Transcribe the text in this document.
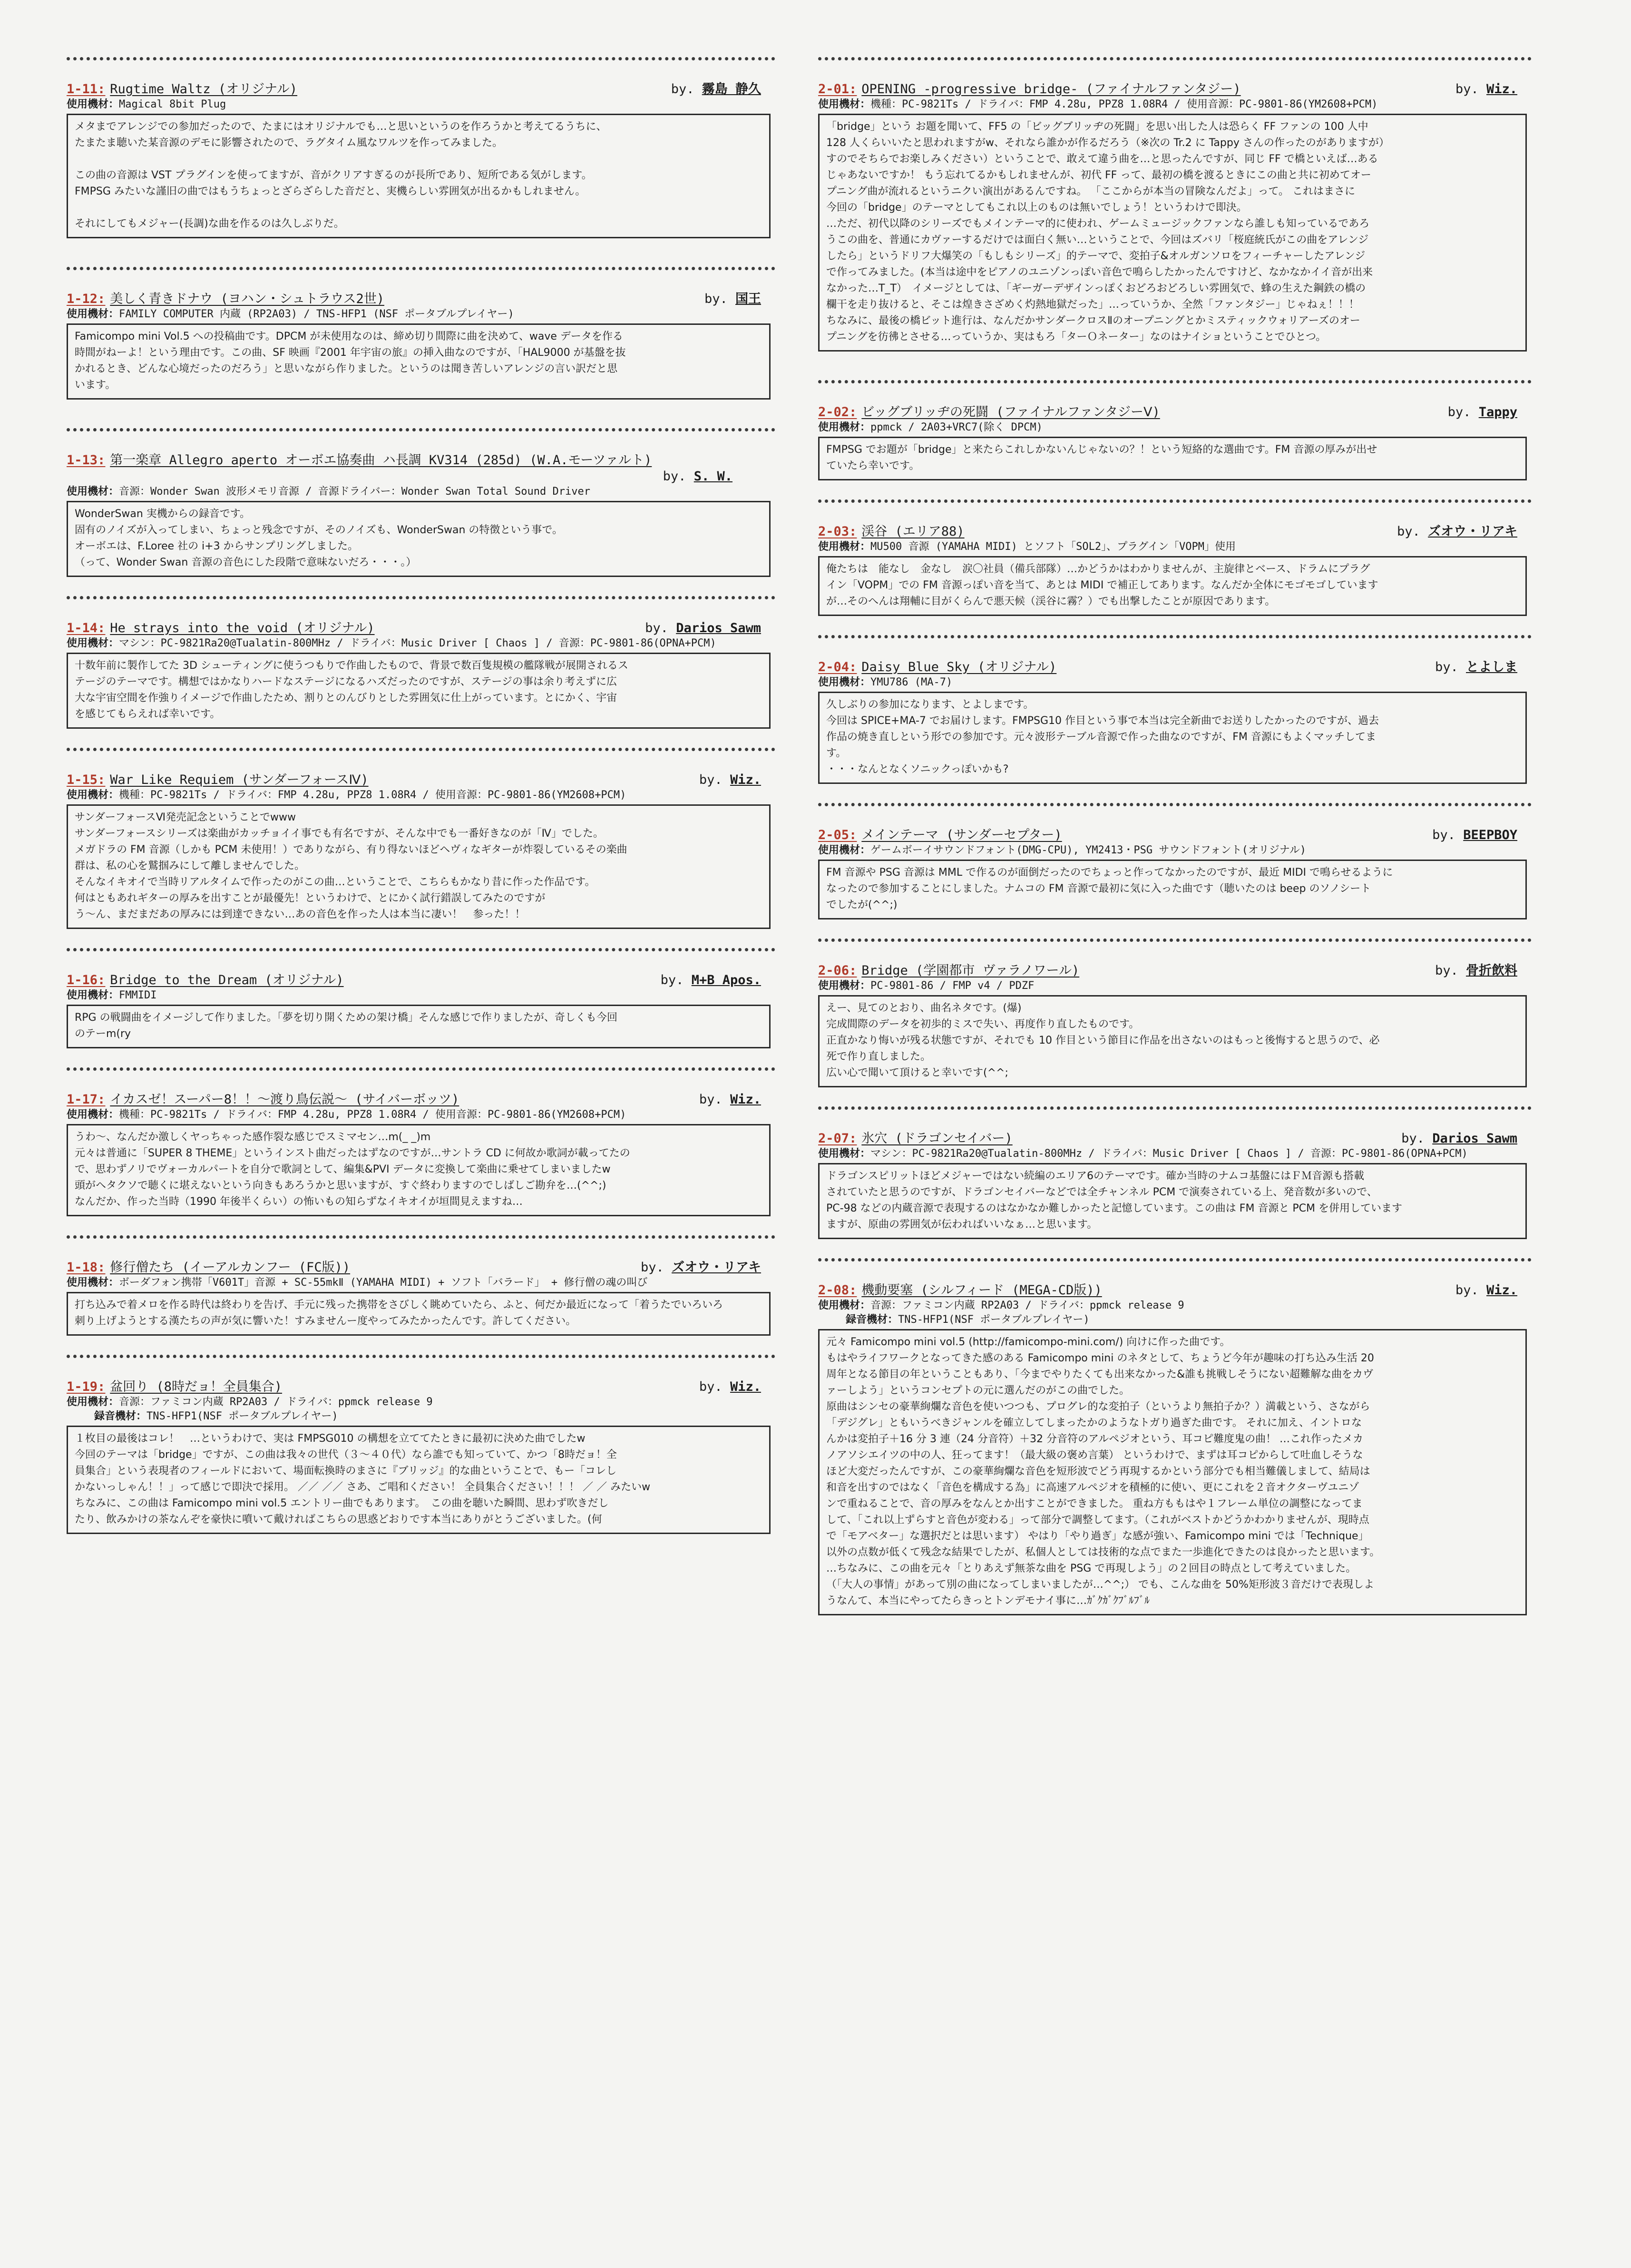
1-11: Rugtime Waltz (オリジナル)	by. 霧島 静久
使用機材：Magical 8bit Plug

メタまでアレンジでの参加だったので、たまにはオリジナルでも…と思いというのを作ろうかと考えてるうちに、

たまたま聴いた某音源のデモに影響されたので、ラグタイム風なワルツを作ってみました。

この曲の音源は VST プラグインを使ってますが、音がクリアすぎるのが長所であり、短所である気がします。

FMPSG みたいな謹旧の曲ではもうちょっとざらざらした音だと、実機らしい雰囲気が出るかもしれません。

それにしてもメジャー(長調)な曲を作るのは久しぶりだ。

1-12: 美しく青きドナウ (ヨハン・シュトラウス2世)	by. 国王
使用機材：FAMILY COMPUTER 内蔵 (RP2A03) / TNS-HFP1 (NSF ポータブルプレイヤー)

Famicompo mini Vol.5 への投稿曲です。DPCM が未使用なのは、締め切り間際に曲を決めて、wave データを作る

時間がねーよ！という理由です。この曲、SF 映画『2001 年宇宙の旅』の挿入曲なのですが、「HAL9000 が基盤を抜

かれるとき、どんな心境だったのだろう」と思いながら作りました。というのは聞き苦しいアレンジの言い訳だと思

います。

1-13: 第一楽章 Allegro aperto オーボエ協奏曲 ハ長調 KV314 (285d) (W.A.モーツァルト)
by. S. W.
使用機材：音源：Wonder Swan 波形メモリ音源 / 音源ドライバー：Wonder Swan Total Sound Driver

WonderSwan 実機からの録音です。

固有のノイズが入ってしまい、ちょっと残念ですが、そのノイズも、WonderSwan の特徴という事で。

オーボエは、F.Loree 社の i+3 からサンプリングしました。

（って、Wonder Swan 音源の音色にした段階で意味ないだろ・・・。）

1-14: He strays into the void (オリジナル)	by. Darios Sawm
使用機材：マシン：PC-9821Ra20@Tualatin-800MHz / ドライバ：Music Driver [ Chaos ] / 音源：PC-9801-86(OPNA+PCM)

十数年前に製作してた 3D シューティングに使うつもりで作曲したもので、背景で数百隻規模の艦隊戦が展開されるス

テージのテーマです。構想ではかなりハードなステージになるハズだったのですが、ステージの事は余り考えずに広

大な宇宙空間を作強りイメージで作曲したため、割りとのんびりとした雰囲気に仕上がっています。とにかく、宇宙

を感じてもらえれば幸いです。

1-15: War Like Requiem (サンダーフォースⅣ)	by. Wiz.
使用機材：機種：PC-9821Ts / ドライバ：FMP 4.28u, PPZ8 1.08R4 / 使用音源：PC-9801-86(YM2608+PCM)

サンダーフォースⅥ発売記念ということでwww

サンダーフォースシリーズは楽曲がカッチョイイ事でも有名ですが、そんな中でも一番好きなのが「Ⅳ」でした。

メガドラの FM 音源（しかも PCM 未使用！）でありながら、有り得ないほどヘヴィなギターが炸裂しているその楽曲

群は、私の心を鷲掴みにして離しませんでした。

そんなイキオイで当時リアルタイムで作ったのがこの曲…ということで、こちらもかなり昔に作った作品です。

何はともあれギターの厚みを出すことが最優先！というわけで、とにかく試行錯誤してみたのですが

う～ん、まだまだあの厚みには到達できない…あの音色を作った人は本当に凄い！　参った！！

1-16: Bridge to the Dream (オリジナル)	by. M+B Apos.
使用機材：FMMIDI

RPG の戦闘曲をイメージして作りました。「夢を切り開くための架け橋」そんな感じで作りましたが、奇しくも今回

のテーm(ry

1-17: イカスゼ！スーパー8！！～渡り鳥伝説～ (サイバーボッツ)	by. Wiz.
使用機材：機種：PC-9821Ts / ドライバ：FMP 4.28u, PPZ8 1.08R4 / 使用音源：PC-9801-86(YM2608+PCM)

うわ～、なんだか激しくヤっちゃった感作裂な感じでスミマセン…m(_ _)m

元々は普通に「SUPER 8 THEME」というインスト曲だったはずなのですが…サントラ CD に何故か歌詞が載ってたの

で、思わずノリでヴォーカルパートを自分で歌詞として、編集&PVI データに変換して楽曲に乗せてしまいましたw

頭がヘタクソで聴くに堪えないという向きもあろうかと思いますが、すぐ終わりますのでしばしご勘弁を…(^^;)

なんだか、作った当時（1990 年後半くらい）の怖いもの知らずなイキオイが垣間見えますね…

1-18: 修行僧たち (イーアルカンフー (FC版))	by. ズオウ・リアキ
使用機材：ボーダフォン携帯「V601T」音源 + SC-55mkⅡ (YAMAHA MIDI) + ソフト「バラード」 + 修行僧の魂の叫び

打ち込みで着メロを作る時代は終わりを告げ、手元に残った携帯をさびしく眺めていたら、ふと、何だか最近になって「着うたでいろいろ

刺り上げようとする漢たちの声が気に響いた！すみませんー度やってみたかったんです。許してください。

1-19: 盆回り (8時だョ！全員集合)	by. Wiz.
使用機材：音源：ファミコン内蔵 RP2A03 / ドライバ：ppmck release 9
録音機材：TNS-HFP1(NSF ポータブルプレイヤー)

１枚目の最後はコレ！　…というわけで、実は FMPSG010 の構想を立ててたときに最初に決めた曲でしたw

今回のテーマは「bridge」ですが、この曲は我々の世代（３～４０代）なら誰でも知っていて、かつ「8時だョ！全

員集合」という表現者のフィールドにおいて、場面転換時のまさに『ブリッジ』的な曲ということで、もー「コレし

かないっしゃん！！」って感じで即決で採用。 ／／ ／／ さあ、ご唱和ください！ 全員集合ください！！！ ／ ／ みたいw

ちなみに、この曲は Famicompo mini vol.5 エントリー曲でもあります。　この曲を聴いた瞬間、思わず吹きだし

たり、飲みかけの茶なんぞを豪快に噴いて戴ければこちらの思惑どおりです本当にありがとうございました。(何

2-01: OPENING -progressive bridge- (ファイナルファンタジー)	by. Wiz.
使用機材：機種：PC-9821Ts / ドライバ：FMP 4.28u, PPZ8 1.08R4 / 使用音源：PC-9801-86(YM2608+PCM)

「bridge」という お題を聞いて、FF5 の「ビッグブリッヂの死闘」を思い出した人は恐らく FF ファンの 100 人中

128 人くらいいたと思われますがw、それなら誰かが作るだろう（※次の Tr.2 に Tappy さんの作ったのがありますが）

すのでそちらでお楽しみください）ということで、敢えて違う曲を…と思ったんですが、同じ FF で橋といえば…ある

じゃあないですか！ もう忘れてるかもしれませんが、初代 FF って、最初の橋を渡るときにこの曲と共に初めてオー

プニング曲が流れるというニクい演出があるんですね。 「ここからが本当の冒険なんだよ」って。 これはまさに

今回の「bridge」のテーマとしてもこれ以上のものは無いでしょう！というわけで即決。

…ただ、初代以降のシリーズでもメインテーマ的に使われ、ゲームミュージックファンなら誰しも知っているであろ

うこの曲を、普通にカヴァーするだけでは面白く無い…ということで、今回はズバリ「桜庭統氏がこの曲をアレンジ

したら」というドリフ大爆笑の「もしもシリーズ」的テーマで、変拍子&オルガンソロをフィーチャーしたアレンジ

で作ってみました。(本当は途中をピアノのユニゾンっぽい音色で鳴らしたかったんですけど、なかなかイイ音が出来

なかった…T_T）　イメージとしては、「ギーガーデザインっぽくおどろおどろしい雰囲気で、蜂の生えた鋼鉄の橋の

欄干を走り抜けると、そこは煌きさざめく灼熱地獄だった」…っていうか、全然「ファンタジー」じゃねぇ！！！

ちなみに、最後の橋ビット進行は、なんだかサンダークロスⅡのオープニングとかミスティックウォリアーズのオー

プニングを彷彿とさせる…っていうか、実はもろ「ターＯネーター」なのはナイショということでひとつ。

2-02: ビッグブリッヂの死闘 (ファイナルファンタジーⅤ)	by. Tappy
使用機材：ppmck / 2A03+VRC7(除く DPCM)

FMPSG でお題が「bridge」と来たらこれしかないんじゃないの？！という短絡的な選曲です。FM 音源の厚みが出せ

ていたら幸いです。

2-03: 渓谷 (エリア88)	by. ズオウ・リアキ
使用機材：MU500 音源 (YAMAHA MIDI) とソフト「SOL2」、プラグイン「VOPM」使用

俺たちは　能なし　金なし　涙〇社員（備兵部隊）…かどうかはわかりませんが、主旋律とベース、ドラムにプラグ

イン「VOPM」での FM 音源っぽい音を当て、あとは MIDI で補正してあります。なんだか全体にモゴモゴしています

が…そのへんは翔輔に目がくらんで悪天候（渓谷に霧？）でも出撃したことが原因であります。

2-04: Daisy Blue Sky (オリジナル)	by. とよしま
使用機材：YMU786 (MA-7)

久しぶりの参加になります、とよしまです。

今回は SPICE+MA-7 でお届けします。FMPSG10 作目という事で本当は完全新曲でお送りしたかったのですが、過去

作品の焼き直しという形での参加です。元々波形テーブル音源で作った曲なのですが、FM 音源にもよくマッチしてま

す。

・・・なんとなくソニックっぽいかも?

2-05: メインテーマ (サンダーセプター)	by. BEEPBOY
使用機材：ゲームボーイサウンドフォント(DMG-CPU), YM2413・PSG サウンドフォント(オリジナル)

FM 音源や PSG 音源は MML で作るのが面倒だったのでちょっと作ってなかったのですが、最近 MIDI で鳴らせるように

なったので参加することにしました。ナムコの FM 音源で最初に気に入った曲です（聴いたのは beep のソノシート

でしたが(^^;)

2-06: Bridge (学園都市 ヴァラノワール)	by. 骨折飲料
使用機材：PC-9801-86 / FMP v4 / PDZF

えー、見てのとおり、曲名ネタです。(爆)

完成間際のデータを初歩的ミスで失い、再度作り直したものです。

正直かなり悔いが残る状態ですが、それでも 10 作目という節目に作品を出さないのはもっと後悔すると思うので、必

死で作り直しました。

広い心で聞いて頂けると幸いです(^^;

2-07: 氷穴 (ドラゴンセイバー)	by. Darios Sawm
使用機材：マシン：PC-9821Ra20@Tualatin-800MHz / ドライバ：Music Driver [ Chaos ] / 音源：PC-9801-86(OPNA+PCM)

ドラゴンスピリットほどメジャーではない続編のエリア6のテーマです。確か当時のナムコ基盤にはＦＭ音源も搭載

されていたと思うのですが、ドラゴンセイバーなどでは全チャンネル PCM で演奏されている上、発音数が多いので、

PC-98 などの内蔵音源で表現するのはなかなか難しかったと記憶しています。この曲は FM 音源と PCM を併用しています

ますが、原曲の雰囲気が伝わればいいなぁ…と思います。

2-08: 機動要塞 (シルフィード (MEGA-CD版))	by. Wiz.
使用機材：音源：ファミコン内蔵 RP2A03 / ドライバ：ppmck release 9
録音機材：TNS-HFP1(NSF ポータブルプレイヤー)

元々 Famicompo mini vol.5 (http://famicompo-mini.com/) 向けに作った曲です。

もはやライフワークとなってきた感のある Famicompo mini のネタとして、ちょうど今年が趣味の打ち込み生活 20

周年となる節目の年ということもあり、「今までやりたくても出来なかった&誰も挑戦しそうにない超難解な曲をカヴ

ァーしよう」というコンセプトの元に選んだのがこの曲でした。

原曲はシンセの豪華絢爛な音色を使いつつも、プログレ的な変拍子（というより無拍子か？）満載という、さながら

「デジグレ」ともいうべきジャンルを確立してしまったかのようなトガり過ぎた曲です。 それに加え、イントロな

んかは変拍子＋16 分 3 連（24 分音符）＋32 分音符のアルペジオという、耳コピ難度鬼の曲！ …これ作ったメカ

ノアソシエイツの中の人、狂ってます！（最大級の褒め言葉） というわけで、まずは耳コピからして吐血しそうな

ほど大変だったんですが、この豪華絢爛な音色を短形波でどう再現するかという部分でも相当難儀しまして、結局は

和音を出すのではなく「音色を構成する為」に高速アルペジオを積極的に使い、更にこれを２音オクターヴユニゾ

ンで重ねることで、音の厚みをなんとか出すことができました。 重ね方ももはや１フレーム単位の調整になってま

して、「これ以上ずらすと音色が変わる」って部分で調整してます。（これがベストかどうかわかりませんが、現時点

で「モアベター」な選択だとは思います） やはり「やり過ぎ」な感が強い、Famicompo mini では「Technique」

以外の点数が低くて残念な結果でしたが、私個人としては技術的な点でまた一歩進化できたのは良かったと思います。

…ちなみに、この曲を元々「とりあえず無茶な曲を PSG で再現しよう」の２回目の時点として考えていました。

（「大人の事情」があって別の曲になってしまいましたが…^^;） でも、こんな曲を 50%矩形波３音だけで表現しよ

うなんて、本当にやってたらきっとトンデモナイ事に…ｶﾞｸｶﾞｸﾌﾞﾙﾌﾞﾙ
